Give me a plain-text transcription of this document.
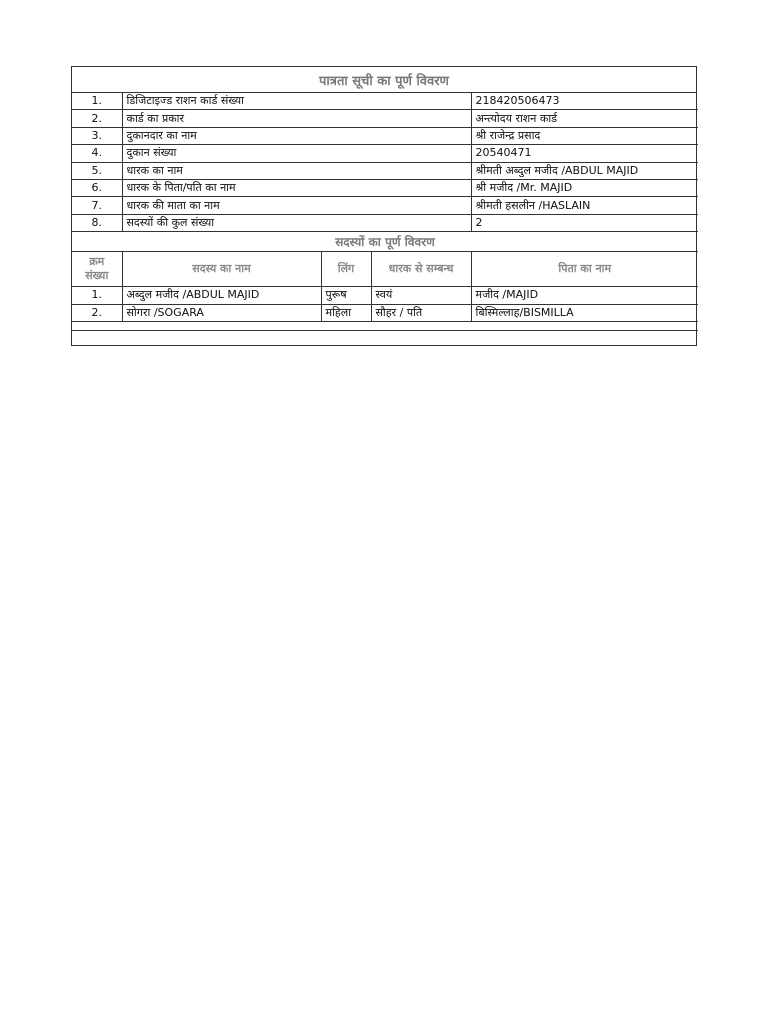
पात्रता सूची का पूर्ण विवरण
1.	डिजिटाइज्ड राशन कार्ड संख्या			218420506473
2.	कार्ड का प्रकार			अन्त्योदय राशन कार्ड
3.	दुकानदार का नाम			श्री राजेन्द्र प्रसाद
4.	दुकान संख्या			20540471
5.	धारक का नाम			श्रीमती अब्दुल मजीद /ABDUL MAJID
6.	धारक के पिता/पति का नाम			श्री मजीद /Mr. MAJID
7.	धारक की माता का नाम			श्रीमती हसलीन /HASLAIN
8.	सदस्यों की कुल संख्या			2
सदस्यों का पूर्ण विवरण				
क्रम संख्या	सदस्य का नाम	लिंग	धारक से सम्बन्ध	पिता का नाम
1.	अब्दुल मजीद /ABDUL MAJID	पुरूष	स्वयं	मजीद /MAJID
2.	सोगरा /SOGARA	महिला	सौहर / पति	बिस्मिल्लाह/BISMILLA
